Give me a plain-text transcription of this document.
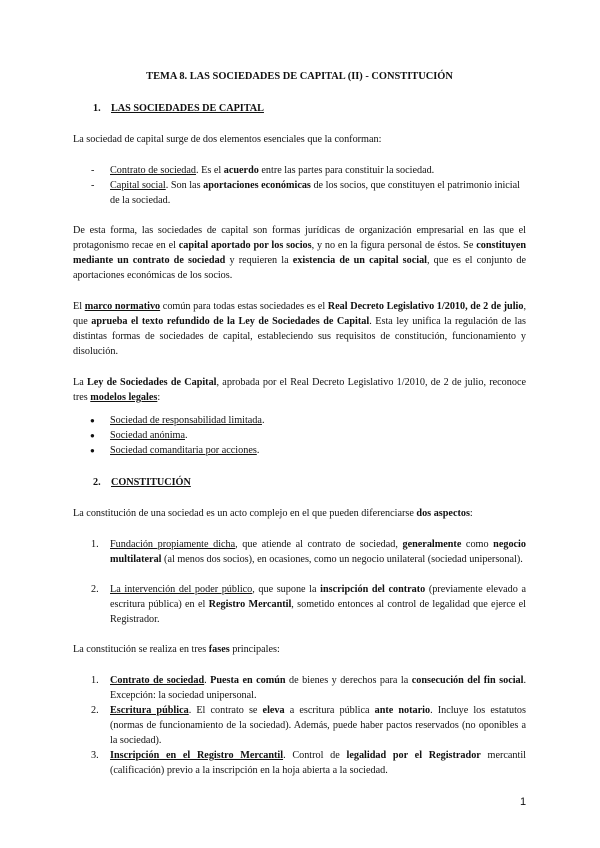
TEMA 8. LAS SOCIEDADES DE CAPITAL (II) - CONSTITUCIÓN

1. LAS SOCIEDADES DE CAPITAL

La sociedad de capital surge de dos elementos esenciales que la conforman:

- Contrato de sociedad. Es el acuerdo entre las partes para constituir la sociedad.
- Capital social. Son las aportaciones económicas de los socios, que constituyen el patrimonio inicial de la sociedad.

De esta forma, las sociedades de capital son formas jurídicas de organización empresarial en las que el protagonismo recae en el capital aportado por los socios, y no en la figura personal de éstos. Se constituyen mediante un contrato de sociedad y requieren la existencia de un capital social, que es el conjunto de aportaciones económicas de los socios.

El marco normativo común para todas estas sociedades es el Real Decreto Legislativo 1/2010, de 2 de julio, que aprueba el texto refundido de la Ley de Sociedades de Capital. Esta ley unifica la regulación de las distintas formas de sociedades de capital, estableciendo sus requisitos de constitución, funcionamiento y disolución.

La Ley de Sociedades de Capital, aprobada por el Real Decreto Legislativo 1/2010, de 2 de julio, reconoce tres modelos legales:

● Sociedad de responsabilidad limitada.
● Sociedad anónima.
● Sociedad comanditaria por acciones.

2. CONSTITUCIÓN

La constitución de una sociedad es un acto complejo en el que pueden diferenciarse dos aspectos:

1. Fundación propiamente dicha, que atiende al contrato de sociedad, generalmente como negocio multilateral (al menos dos socios), en ocasiones, como un negocio unilateral (sociedad unipersonal).
2. La intervención del poder público, que supone la inscripción del contrato (previamente elevado a escritura pública) en el Registro Mercantil, sometido entonces al control de legalidad que ejerce el Registrador.

La constitución se realiza en tres fases principales:

1. Contrato de sociedad. Puesta en común de bienes y derechos para la consecución del fin social. Excepción: la sociedad unipersonal.
2. Escritura pública. El contrato se eleva a escritura pública ante notario. Incluye los estatutos (normas de funcionamiento de la sociedad). Además, puede haber pactos reservados (no oponibles a la sociedad).
3. Inscripción en el Registro Mercantil. Control de legalidad por el Registrador mercantil (calificación) previo a la inscripción en la hoja abierta a la sociedad.
1
